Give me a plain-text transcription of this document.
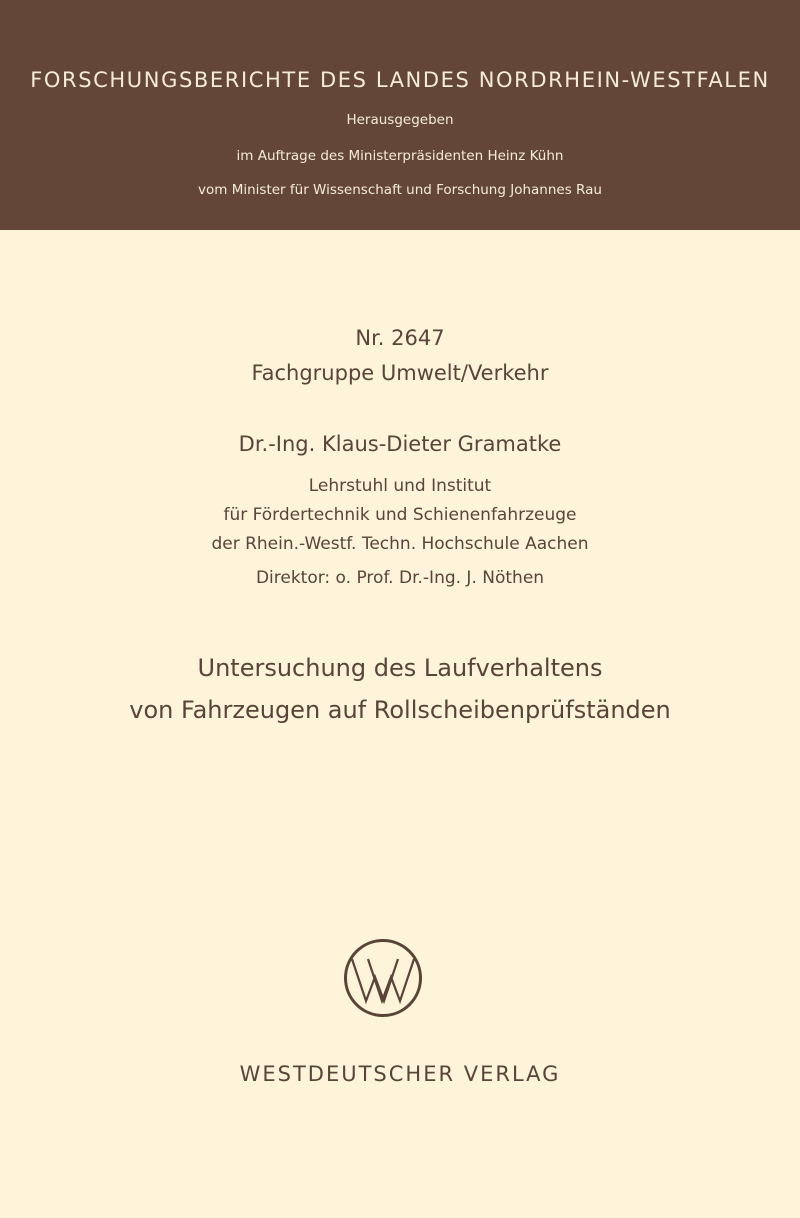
FORSCHUNGSBERICHTE DES LANDES NORDRHEIN-WESTFALEN
Herausgegeben
im Auftrage des Ministerpräsidenten Heinz Kühn
vom Minister für Wissenschaft und Forschung Johannes Rau
Nr. 2647
Fachgruppe Umwelt/Verkehr
Dr.-Ing. Klaus-Dieter Gramatke
Lehrstuhl und Institut
für Fördertechnik und Schienenfahrzeuge
der Rhein.-Westf. Techn. Hochschule Aachen
Direktor: o. Prof. Dr.-Ing. J. Nöthen
Untersuchung des Laufverhaltens
von Fahrzeugen auf Rollscheibenprüfständen
WESTDEUTSCHER VERLAG
